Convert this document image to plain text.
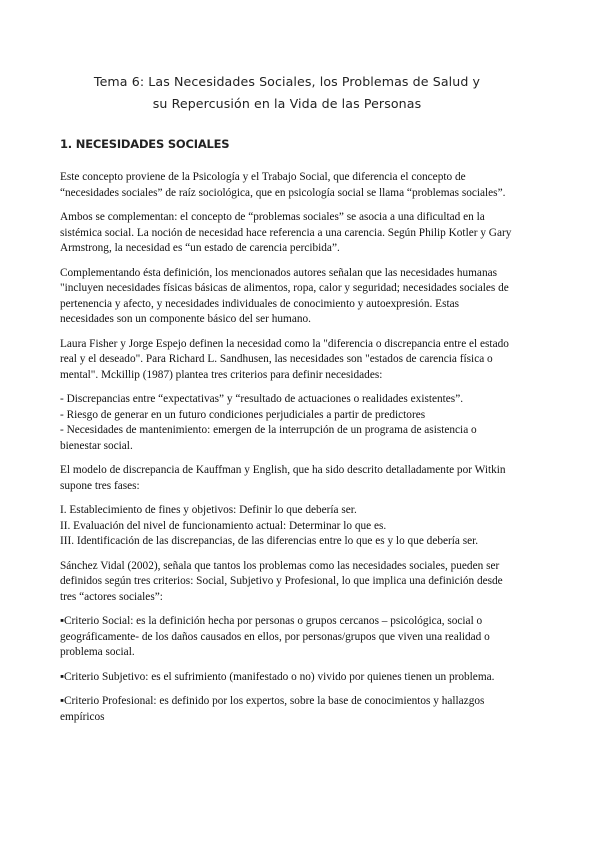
Tema 6: Las Necesidades Sociales, los Problemas de Salud y
su Repercusión en la Vida de las Personas
1. NECESIDADES SOCIALES

Este concepto proviene de la Psicología y el Trabajo Social, que diferencia el concepto de “necesidades sociales” de raíz sociológica, que en psicología social se llama “problemas sociales”.

Ambos se complementan: el concepto de “problemas sociales” se asocia a una dificultad en la sistémica social. La noción de necesidad hace referencia a una carencia. Según Philip Kotler y Gary Armstrong, la necesidad es “un estado de carencia percibida”.

Complementando ésta definición, los mencionados autores señalan que las necesidades humanas "incluyen necesidades físicas básicas de alimentos, ropa, calor y seguridad; necesidades sociales de pertenencia y afecto, y necesidades individuales de conocimiento y autoexpresión. Estas necesidades son un componente básico del ser humano.

Laura Fisher y Jorge Espejo definen la necesidad como la "diferencia o discrepancia entre el estado real y el deseado". Para Richard L. Sandhusen, las necesidades son "estados de carencia física o mental". Mckillip (1987) plantea tres criterios para definir necesidades:

- Discrepancias entre “expectativas” y “resultado de actuaciones o realidades existentes”.

- Riesgo de generar en un futuro condiciones perjudiciales a partir de predictores

- Necesidades de mantenimiento: emergen de la interrupción de un programa de asistencia o bienestar social.

El modelo de discrepancia de Kauffman y English, que ha sido descrito detalladamente por Witkin supone tres fases:

I. Establecimiento de fines y objetivos: Definir lo que debería ser.

II. Evaluación del nivel de funcionamiento actual: Determinar lo que es.

III. Identificación de las discrepancias, de las diferencias entre lo que es y lo que debería ser.

Sánchez Vidal (2002), señala que tantos los problemas como las necesidades sociales, pueden ser definidos según tres criterios: Social, Subjetivo y Profesional, lo que implica una definición desde tres “actores sociales”:

▪Criterio Social: es la definición hecha por personas o grupos cercanos – psicológica, social o geográficamente- de los daños causados en ellos, por personas/grupos que viven una realidad o problema social.

▪Criterio Subjetivo: es el sufrimiento (manifestado o no) vivido por quienes tienen un problema.

▪Criterio Profesional: es definido por los expertos, sobre la base de conocimientos y hallazgos empíricos
